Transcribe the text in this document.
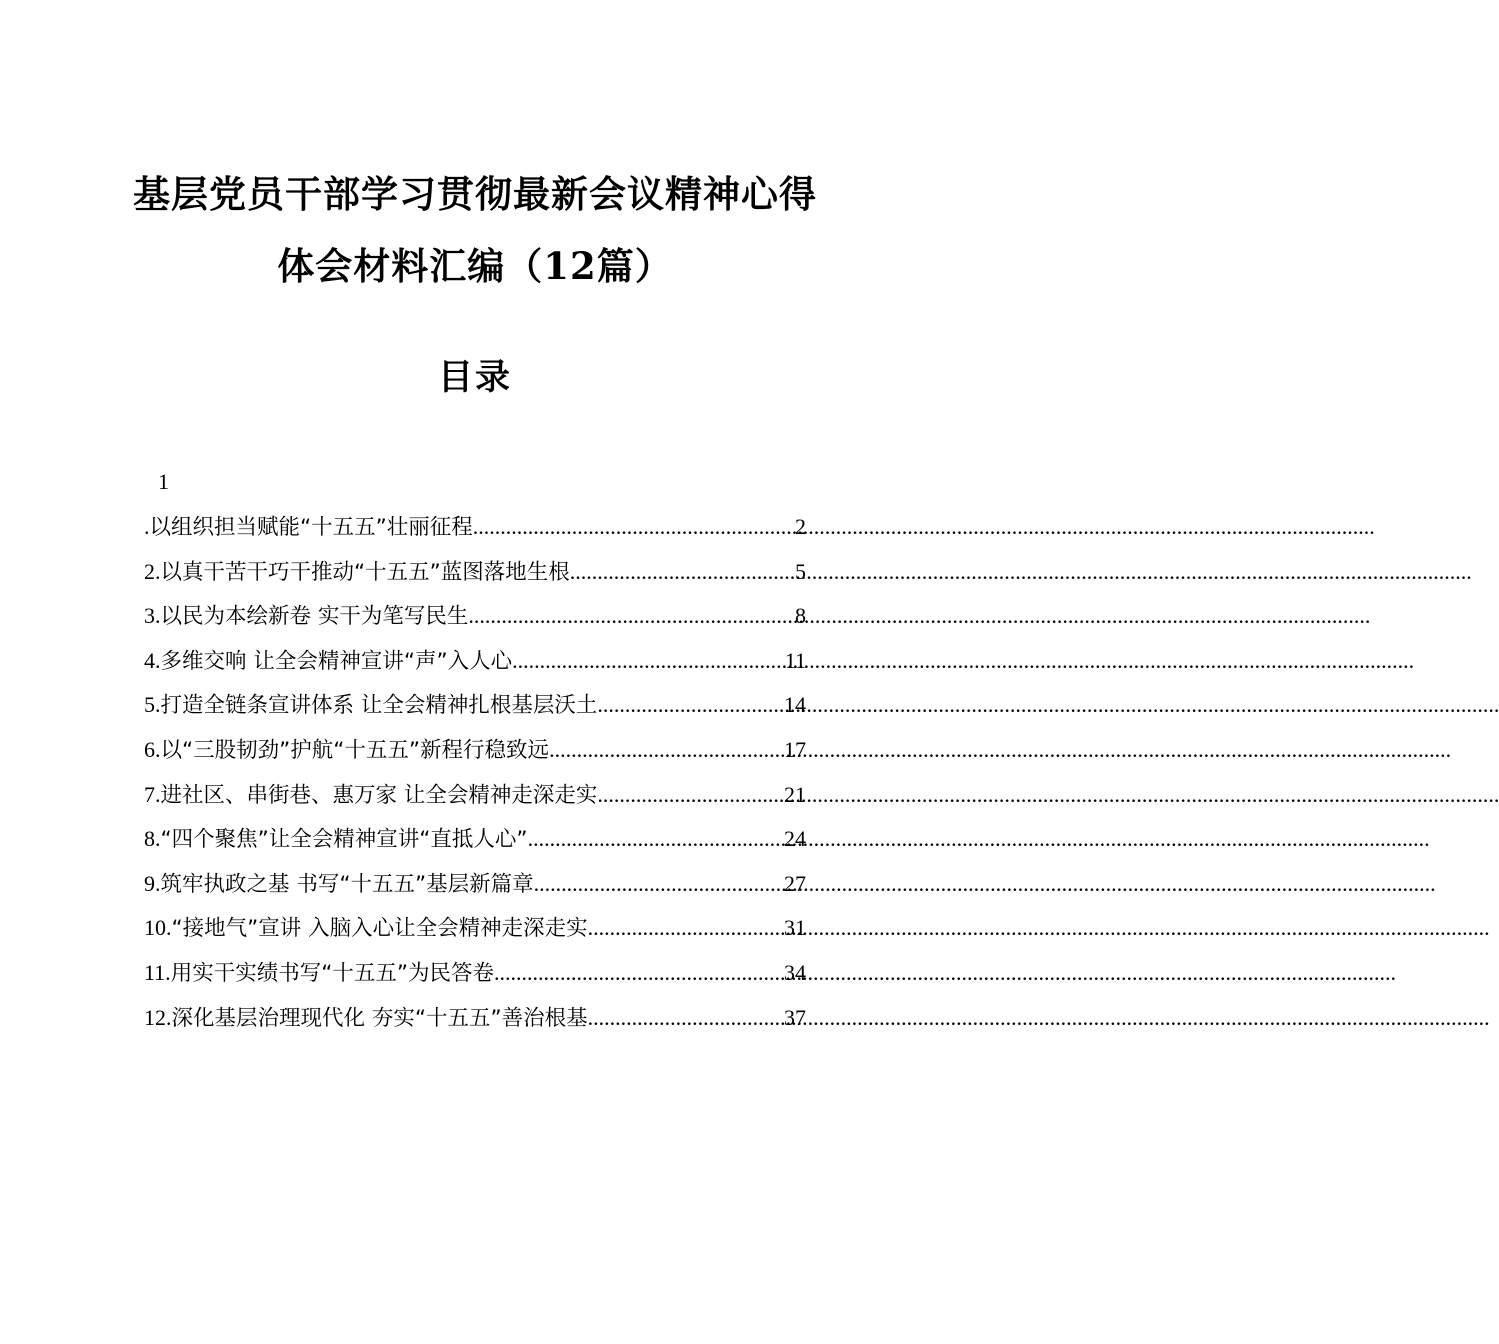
基层党员干部学习贯彻最新会议精神心得
体会材料汇编（12篇）
目录
1
.以组织担当赋能“十五五”壮丽征程 .....	2
2.以真干苦干巧干推动“十五五”蓝图落地生根 .....	5
3.以民为本绘新卷 实干为笔写民生 .....	8
4.多维交响 让全会精神宣讲“声”入人心 .....	11
5.打造全链条宣讲体系 让全会精神扎根基层沃土 .....	14
6.以“三股韧劲”护航“十五五”新程行稳致远 .....	17
7.进社区、串街巷、惠万家 让全会精神走深走实 .....	21
8.“四个聚焦”让全会精神宣讲“直抵人心” .....	24
9.筑牢执政之基 书写“十五五”基层新篇章 .....	27
10.“接地气”宣讲 入脑入心让全会精神走深走实 .....	31
11.用实干实绩书写“十五五”为民答卷 .....	34
12.深化基层治理现代化 夯实“十五五”善治根基 .....	37
